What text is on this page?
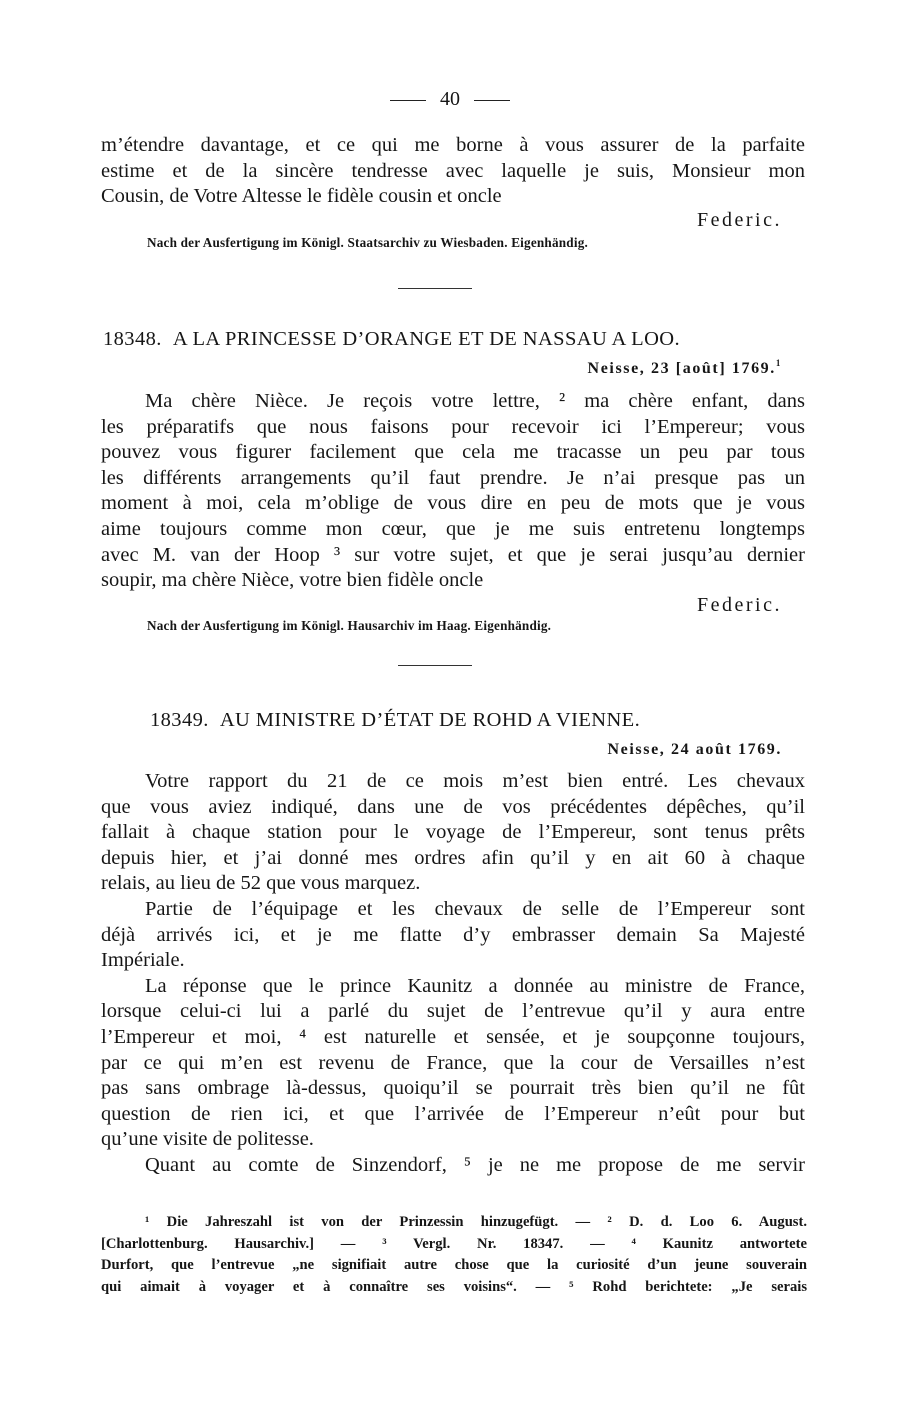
40
m’étendre davantage, et ce qui me borne à vous assurer de la parfaite
estime et de la sincère tendresse avec laquelle je suis, Monsieur mon
Cousin, de Votre Altesse le fidèle cousin et oncle
Federic.
Nach der Ausfertigung im Königl. Staatsarchiv zu Wiesbaden. Eigenhändig.
18348. A LA PRINCESSE D’ORANGE ET DE NASSAU A LOO.
Neisse, 23 [août] 1769.$^1$
Ma chère Nièce. Je reçois votre lettre, ² ma chère enfant, dans
les préparatifs que nous faisons pour recevoir ici l’Empereur; vous
pouvez vous figurer facilement que cela me tracasse un peu par tous
les différents arrangements qu’il faut prendre. Je n’ai presque pas un
moment à moi, cela m’oblige de vous dire en peu de mots que je vous
aime toujours comme mon cœur, que je me suis entretenu longtemps
avec M. van der Hoop ³ sur votre sujet, et que je serai jusqu’au dernier
soupir, ma chère Nièce, votre bien fidèle oncle
Federic.
Nach der Ausfertigung im Königl. Hausarchiv im Haag. Eigenhändig.
18349. AU MINISTRE D’ÉTAT DE ROHD A VIENNE.
Neisse, 24 août 1769.
Votre rapport du 21 de ce mois m’est bien entré. Les chevaux
que vous aviez indiqué, dans une de vos précédentes dépêches, qu’il
fallait à chaque station pour le voyage de l’Empereur, sont tenus prêts
depuis hier, et j’ai donné mes ordres afin qu’il y en ait 60 à chaque
relais, au lieu de 52 que vous marquez.
Partie de l’équipage et les chevaux de selle de l’Empereur sont
déjà arrivés ici, et je me flatte d’y embrasser demain Sa Majesté
Impériale.
La réponse que le prince Kaunitz a donnée au ministre de France,
lorsque celui-ci lui a parlé du sujet de l’entrevue qu’il y aura entre
l’Empereur et moi, ⁴ est naturelle et sensée, et je soupçonne toujours,
par ce qui m’en est revenu de France, que la cour de Versailles n’est
pas sans ombrage là-dessus, quoiqu’il se pourrait très bien qu’il ne fût
question de rien ici, et que l’arrivée de l’Empereur n’eût pour but
qu’une visite de politesse.
Quant au comte de Sinzendorf, ⁵ je ne me propose de me servir
¹ Die Jahreszahl ist von der Prinzessin hinzugefügt. — ² D. d. Loo 6. August.
[Charlottenburg. Hausarchiv.] — ³ Vergl. Nr. 18347. — ⁴ Kaunitz antwortete
Durfort, que l’entrevue „ne signifiait autre chose que la curiosité d’un jeune souverain
qui aimait à voyager et à connaître ses voisins“. — ⁵ Rohd berichtete: „Je serais
